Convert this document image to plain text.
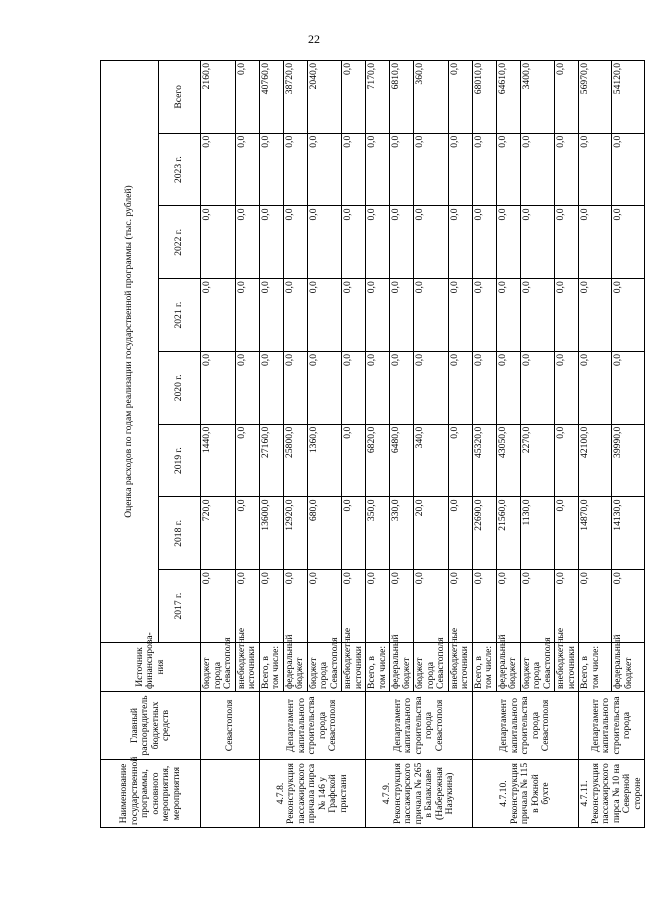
22
Наименование государственной программы, основного мероприятия, мероприятия	Главный распорядитель бюджетных средств	Источник финансирова-ния	Оценка расходов по годам реализации государственной программы (тыс. рублей)							
			2017 г.	2018 г.	2019 г.	2020 г.	2021 г.	2022 г.	2023 г.	Всего
	Севастополя	бюджет города Севастополя	0,0	720,0	1440,0	0,0	0,0	0,0	0,0	2160,0
		внебюджетные источники	0,0	0,0	0,0	0,0	0,0	0,0	0,0	0,0
4.7.8. Реконструкция пассажирского причала пирса № 146 у Графской пристани	Департамент капитального строительства города Севастополя	Всего, в том числе:	0,0	13600,0	27160,0	0,0	0,0	0,0	0,0	40760,0
		федеральный бюджет	0,0	12920,0	25800,0	0,0	0,0	0,0	0,0	38720,0
		бюджет города Севастополя	0,0	680,0	1360,0	0,0	0,0	0,0	0,0	2040,0
		внебюджетные источники	0,0	0,0	0,0	0,0	0,0	0,0	0,0	0,0
4.7.9. Реконструкция пассажирского причала № 265 в Балаклаве (Набережная Назукина)	Департамент капитального строительства города Севастополя	Всего, в том числе:	0,0	350,0	6820,0	0,0	0,0	0,0	0,0	7170,0
		федеральный бюджет	0,0	330,0	6480,0	0,0	0,0	0,0	0,0	6810,0
		бюджет города Севастополя	0,0	20,0	340,0	0,0	0,0	0,0	0,0	360,0
		внебюджетные источники	0,0	0,0	0,0	0,0	0,0	0,0	0,0	0,0
4.7.10. Реконструкция причала № 115 в Южной бухте	Департамент капитального строительства города Севастополя	Всего, в том числе:	0,0	22690,0	45320,0	0,0	0,0	0,0	0,0	68010,0
		федеральный бюджет	0,0	21560,0	43050,0	0,0	0,0	0,0	0,0	64610,0
		бюджет города Севастополя	0,0	1130,0	2270,0	0,0	0,0	0,0	0,0	3400,0
		внебюджетные источники	0,0	0,0	0,0	0,0	0,0	0,0	0,0	0,0
4.7.11. Реконструкция пассажирского пирса № 10 на Северной стороне	Департамент капитального строительства города	Всего, в том числе:	0,0	14870,0	42100,0	0,0	0,0	0,0	0,0	56970,0
		федеральный бюджет	0,0	14130,0	39990,0	0,0	0,0	0,0	0,0	54120,0
